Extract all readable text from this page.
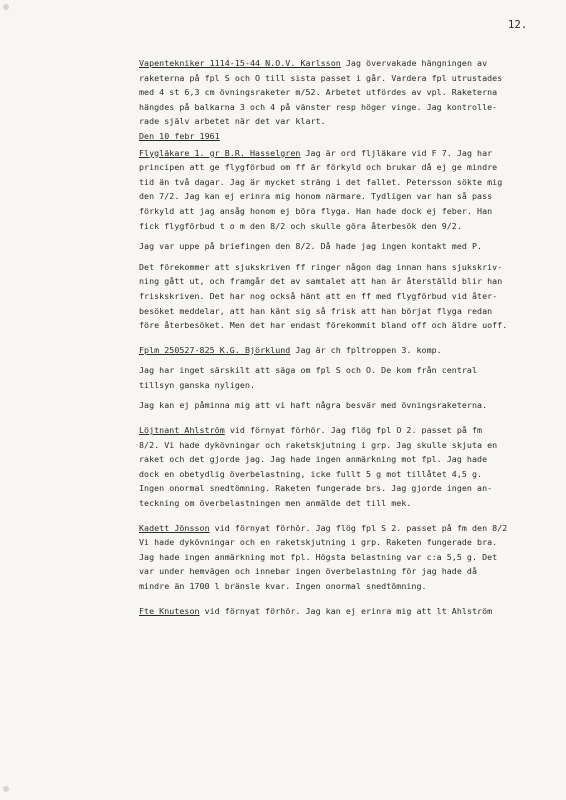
12.
Vapentekniker 1114-15-44 N.O.V. Karlsson Jag övervakade hängningen av
raketerna på fpl S och O till sista passet i går. Vardera fpl utrustades
med 4 st 6,3 cm övningsraketer m/52. Arbetet utfördes av vpl. Raketerna
hängdes på balkarna 3 och 4 på vänster resp höger vinge. Jag kontrolle-
rade själv arbetet när det var klart.
Den 10 febr 1961
Flygläkare 1. gr B.R. Hasselgren Jag är ord fljläkare vid F 7. Jag har
principen att ge flygförbud om ff är förkyld och brukar då ej ge mindre
tid än två dagar. Jag är mycket sträng i det fallet. Petersson sökte mig
den 7/2. Jag kan ej erinra mig honom närmare. Tydligen var han så pass
förkyld att jag ansåg honom ej böra flyga. Han hade dock ej feber. Han
fick flygförbud t o m den 8/2 och skulle göra återbesök den 9/2.
Jag var uppe på briefingen den 8/2. Då hade jag ingen kontakt med P.
Det förekommer att sjukskriven ff ringer någon dag innan hans sjukskriv-
ning gått ut, och framgår det av samtalet att han är återställd blir han
friskskriven. Det har nog också hänt att en ff med flygförbud vid åter-
besöket meddelar, att han känt sig så frisk att han börjat flyga redan
före återbesöket. Men det har endast förekommit bland off och äldre uoff.
Fplm 250527-825 K.G. Björklund Jag är ch fpltroppen 3. komp.
Jag har inget särskilt att säga om fpl S och O. De kom från central
tillsyn ganska nyligen.
Jag kan ej påminna mig att vi haft några besvär med övningsraketerna.
Löjtnant Ahlström vid förnyat förhör. Jag flög fpl O 2. passet på fm
8/2. Vi hade dykövningar och raketskjutning i grp. Jag skulle skjuta en
raket och det gjorde jag. Jag hade ingen anmärkning mot fpl. Jag hade
dock en obetydlig överbelastning, icke fullt 5 g mot tillåtet 4,5 g.
Ingen onormal snedtömning. Raketen fungerade brs. Jag gjorde ingen an-
teckning om överbelastningen men anmälde det till mek.
Kadett Jönsson vid förnyat förhör. Jag flög fpl S 2. passet på fm den 8/2
Vi hade dykövningar och en raketskjutning i grp. Raketen fungerade bra.
Jag hade ingen anmärkning mot fpl. Högsta belastning var c:a 5,5 g. Det
var under hemvägen och innebar ingen överbelastning för jag hade då
mindre än 1700 l bränsle kvar. Ingen onormal snedtömning.
Fte Knuteson vid förnyat förhör. Jag kan ej erinra mig att lt Ahlström
